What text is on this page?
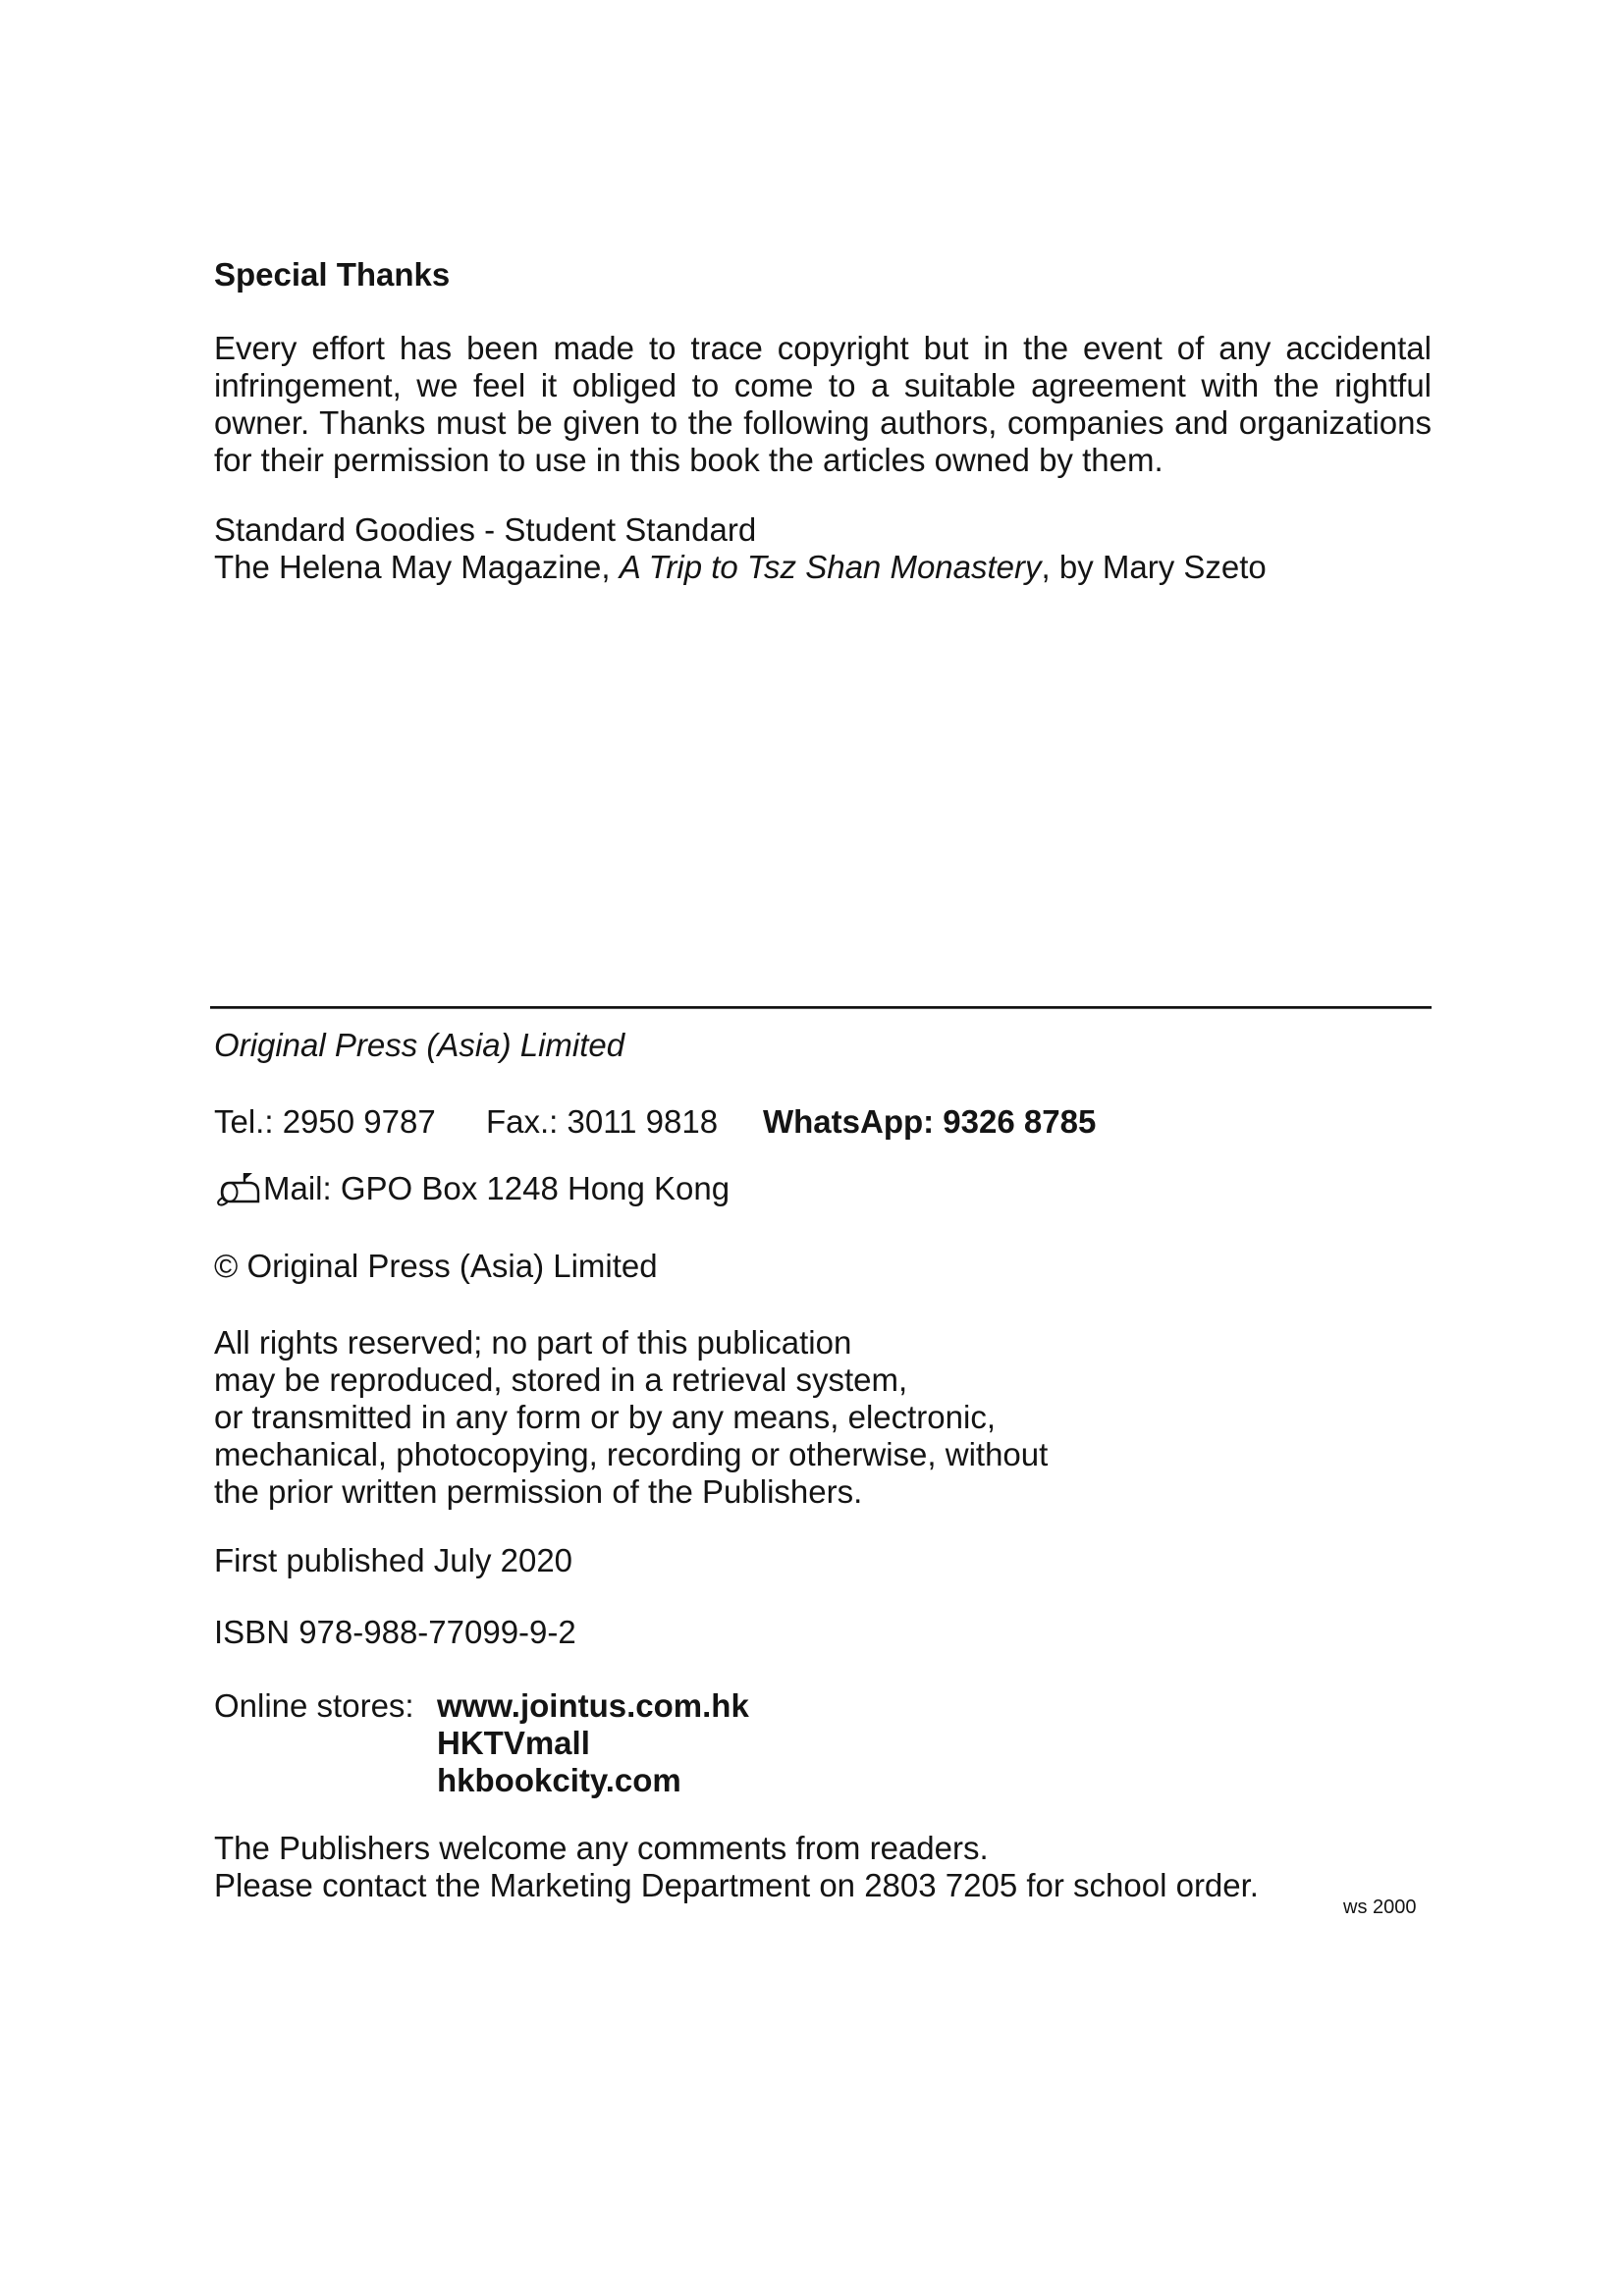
Special Thanks
Every effort has been made to trace copyright but in the event of any accidental infringement, we feel it obliged to come to a suitable agreement with the rightful owner. Thanks must be given to the following authors, companies and organizations for their permission to use in this book the articles owned by them.
Standard Goodies - Student Standard
The Helena May Magazine, A Trip to Tsz Shan Monastery, by Mary Szeto
Original Press (Asia) Limited
Tel.: 2950 9787	Fax.: 3011 9818	WhatsApp: 9326 8785
Mail: GPO Box 1248 Hong Kong
© Original Press (Asia) Limited
All rights reserved; no part of this publication
may be reproduced, stored in a retrieval system,
or transmitted in any form or by any means, electronic,
mechanical, photocopying, recording or otherwise, without
the prior written permission of the Publishers.
First published July 2020
ISBN 978-988-77099-9-2
Online stores: www.jointus.com.hk
HKTVmall
hkbookcity.com
The Publishers welcome any comments from readers.
Please contact the Marketing Department on 2803 7205 for school order.
ws 2000
